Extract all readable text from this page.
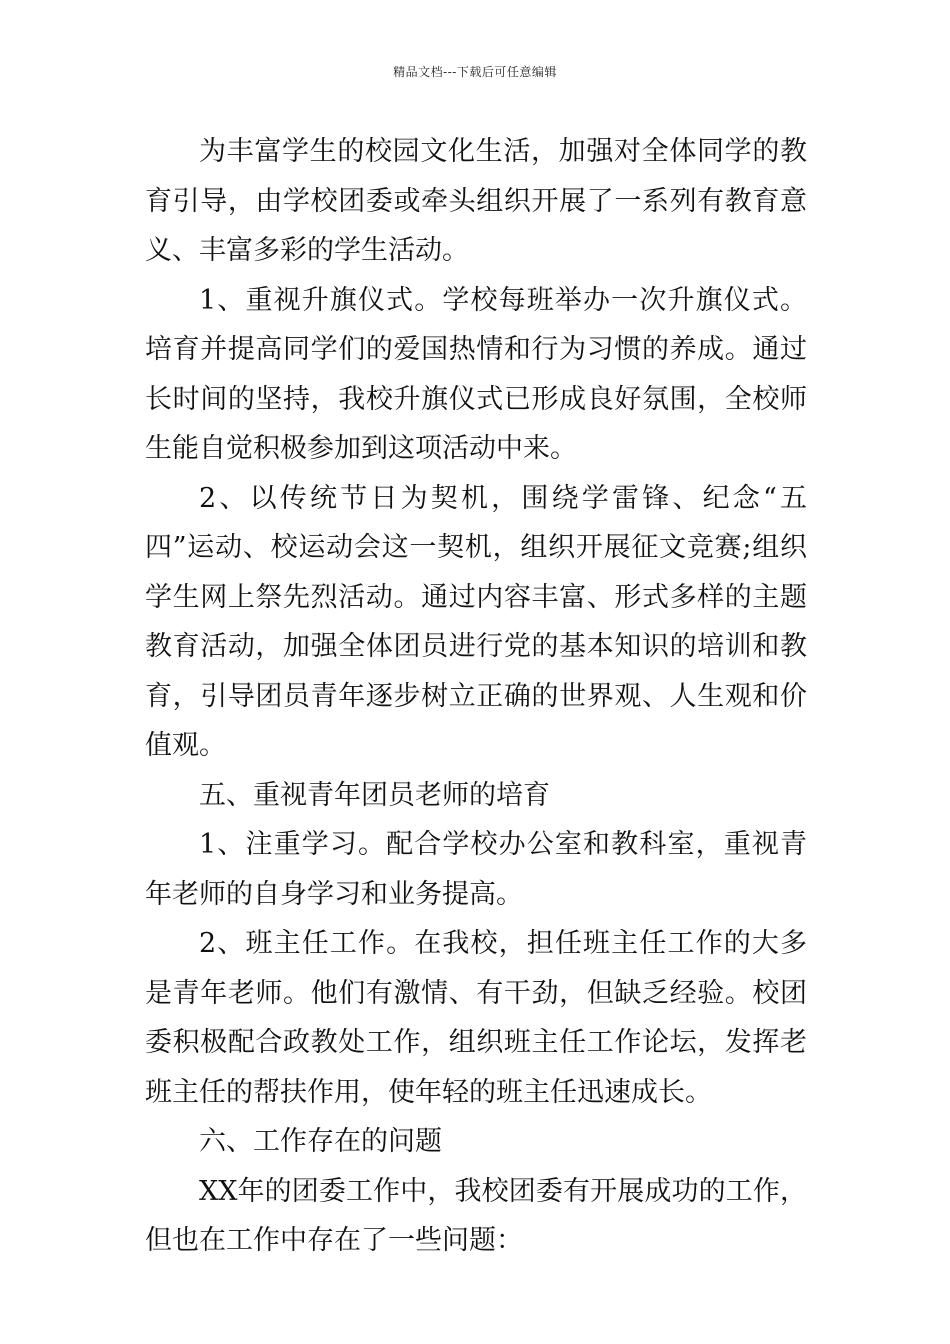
精品文档---下载后可任意编辑

为丰富学生的校园文化生活，加强对全体同学的教育引导，由学校团委或牵头组织开展了一系列有教育意义、丰富多彩的学生活动。

1、重视升旗仪式。学校每班举办一次升旗仪式。培育并提高同学们的爱国热情和行为习惯的养成。通过长时间的坚持，我校升旗仪式已形成良好氛围，全校师生能自觉积极参加到这项活动中来。

2、以传统节日为契机，围绕学雷锋、纪念“五四”运动、校运动会这一契机，组织开展征文竞赛;组织学生网上祭先烈活动。通过内容丰富、形式多样的主题教育活动，加强全体团员进行党的基本知识的培训和教育，引导团员青年逐步树立正确的世界观、人生观和价值观。

五、重视青年团员老师的培育

1、注重学习。配合学校办公室和教科室，重视青年老师的自身学习和业务提高。

2、班主任工作。在我校，担任班主任工作的大多是青年老师。他们有激情、有干劲，但缺乏经验。校团委积极配合政教处工作，组织班主任工作论坛，发挥老班主任的帮扶作用，使年轻的班主任迅速成长。

六、工作存在的问题

XX年的团委工作中，我校团委有开展成功的工作，但也在工作中存在了一些问题：
